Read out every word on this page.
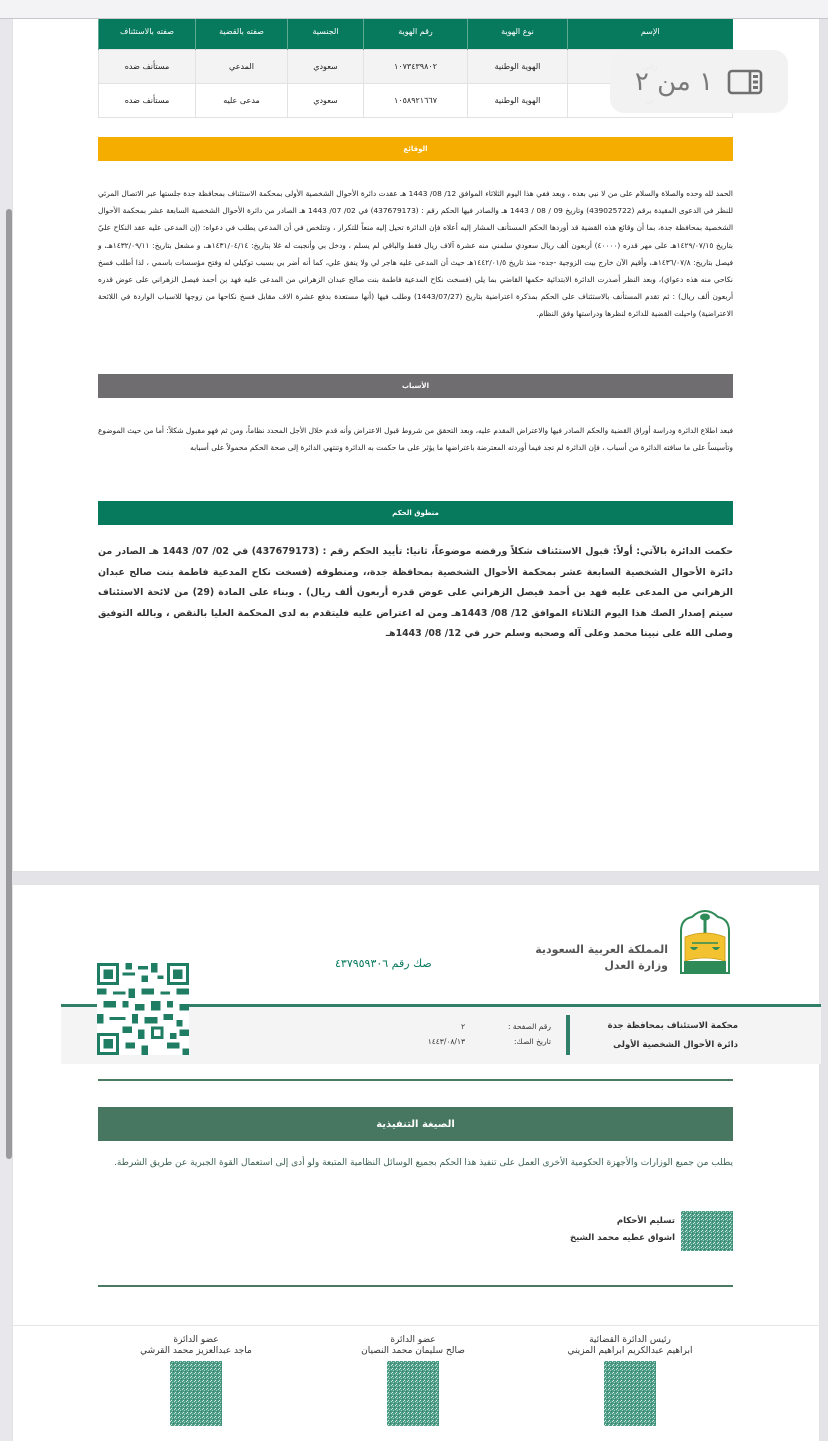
الإسم	نوع الهوية	رقم الهوية	الجنسية	صفته بالقضية	صفته بالاستئناف
	الهوية الوطنية	١٠٧٣٤٣٩٨٠٢	سعودي	المدعي	مستأنف ضده
	الهوية الوطنية	١٠٥٨٩٢١٦٦٧	سعودي	مدعى عليه	مستأنف ضده
الوقائع
الحمد لله وحده والصلاة والسلام على من لا نبي بعده ، وبعد ففي هذا اليوم الثلاثاء الموافق 12/ 08/ 1443 هـ عقدت دائرة الأحوال الشخصية الأولى بمحكمة الاستئناف بمحافظة جدة جلستها عبر الاتصال المرئي للنظر في الدعوى المقيدة برقم (439025722) وتاريخ 09 / 08 / 1443 هـ والصادر فيها الحكم رقم : (437679173) في 02/ 07/ 1443 هـ الصادر من دائرة الأحوال الشخصية السابعة عشر بمحكمة الأحوال الشخصية بمحافظة جدة، بما أن وقائع هذه القضية قد أوردها الحكم المستأنف المشار إليه أعلاه فإن الدائرة تحيل إليه منعاً للتكرار ، وتتلخص في أن المدعي يطلب في دعواه: (إن المدعى عليه عقد النكاح عليّ بتاريخ ١٤٢٩/٠٧/١٥هـ على مهر قدره (٤٠٠٠٠) أربعون ألف ريال سعودي سلمني منه عشرة آلاف ريال فقط والباقي لم يسلم ، ودخل بي وأنجبت له غلا بتاريخ: ١٤٣١/٠٤/١٤هـ، و مشعل بتاريخ: ١٤٣٢/٠٩/١١هـ، و فيصل بتاريخ: ١٤٣٦/٠٧/٨هـ، وأقيم الآن خارج بيت الزوجية -جده- منذ تاريخ ١٤٤٢/٠١/٥هـ حيث أن المدعى عليه هاجر لي ولا ينفق علي، كما أنه أضر بي بسبب توكيلي له وفتح مؤسسات باسمي ، لذا أطلب فسخ نكاحي منه هذه دعواي)، وبعد النظر أصدرت الدائرة الابتدائية حكمها القاضي بما يلي (فسخت نكاح المدعية فاطمة بنت صالح عبدان الزهراني من المدعى عليه فهد بن أحمد فيصل الزهراني على عوض قدره أربعون ألف ريال) : ثم تقدم المستأنف بالاستئناف على الحكم بمذكرة اعتراضية بتاريخ (1443/07/27) وطلب فيها (أنها مستعدة بدفع عشرة الاف مقابل فسخ نكاحها من زوجها للاسباب الواردة في اللائحة الاعتراضية) واحيلت القضية للدائرة لنظرها ودراستها وفق النظام.
الأسباب
فبعد اطلاع الدائرة ودراسة أوراق القضية والحكم الصادر فيها والاعتراض المقدم عليه، وبعد التحقق من شروط قبول الاعتراض وأنه قدم خلال الأجل المحدد نظاماً، ومن ثم فهو مقبول شكلاً: أما من حيث الموضوع وتأسيساً على ما سافته الدائرة من أسباب ، فإن الدائرة لم تجد فيما أوردته المعترضة باعتراضها ما يؤثر على ما حكمت به الدائرة وتنتهي الدائرة إلى صحة الحكم محمولاً على أسبابه
منطوق الحكم
حكمت الدائرة بالآتي: أولاً: قبول الاستئناف شكلاً ورفضه موضوعاً، ثانيا: تأييد الحكم رقم : (437679173) في 02/ 07/ 1443 هـ الصادر من دائرة الأحوال الشخصية السابعة عشر بمحكمة الأحوال الشخصية بمحافظة جدة،، ومنطوقه (فسخت نكاح المدعية فاطمة بنت صالح عبدان الزهراني من المدعى عليه فهد بن أحمد فيصل الزهراني على عوض قدره أربعون ألف ريال) . وبناء على المادة (29) من لائحة الاستئناف سيتم إصدار الصك هذا اليوم الثلاثاء الموافق 12/ 08/ 1443هـ ومن له اعتراض عليه فليتقدم به لدى المحكمة العليا بالنقض ، وبالله التوفيق وصلى الله على نبينا محمد وعلى آله وصحبه وسلم حرر في 12/ 08/ 1443هـ
١ من ٢
المملكة العربية السعودية
وزارة العدل
صك رقم ٤٣٧٩٥٩٣٠٦
محكمة الاستئناف بمحافظة جدة
دائرة الأحوال الشخصية الأولى
رقم الصفحة :
٢
تاريخ الصك:
١٤٤٣/٠٨/١٣
الصيغة التنفيذية
يطلب من جميع الوزارات والأجهزة الحكومية الأخرى العمل على تنفيذ هذا الحكم بجميع الوسائل النظامية المتبعة ولو أدى إلى استعمال القوة الجبرية عن طريق الشرطة.
تسليم الأحكام
اشواق عطيه محمد الشيخ
رئيس الدائرة القضائية
ابراهيم عبدالكريم ابراهيم المزيني
عضو الدائرة
صالح سليمان محمد النصيان
عضو الدائرة
ماجد عبدالعزيز محمد القرشي
